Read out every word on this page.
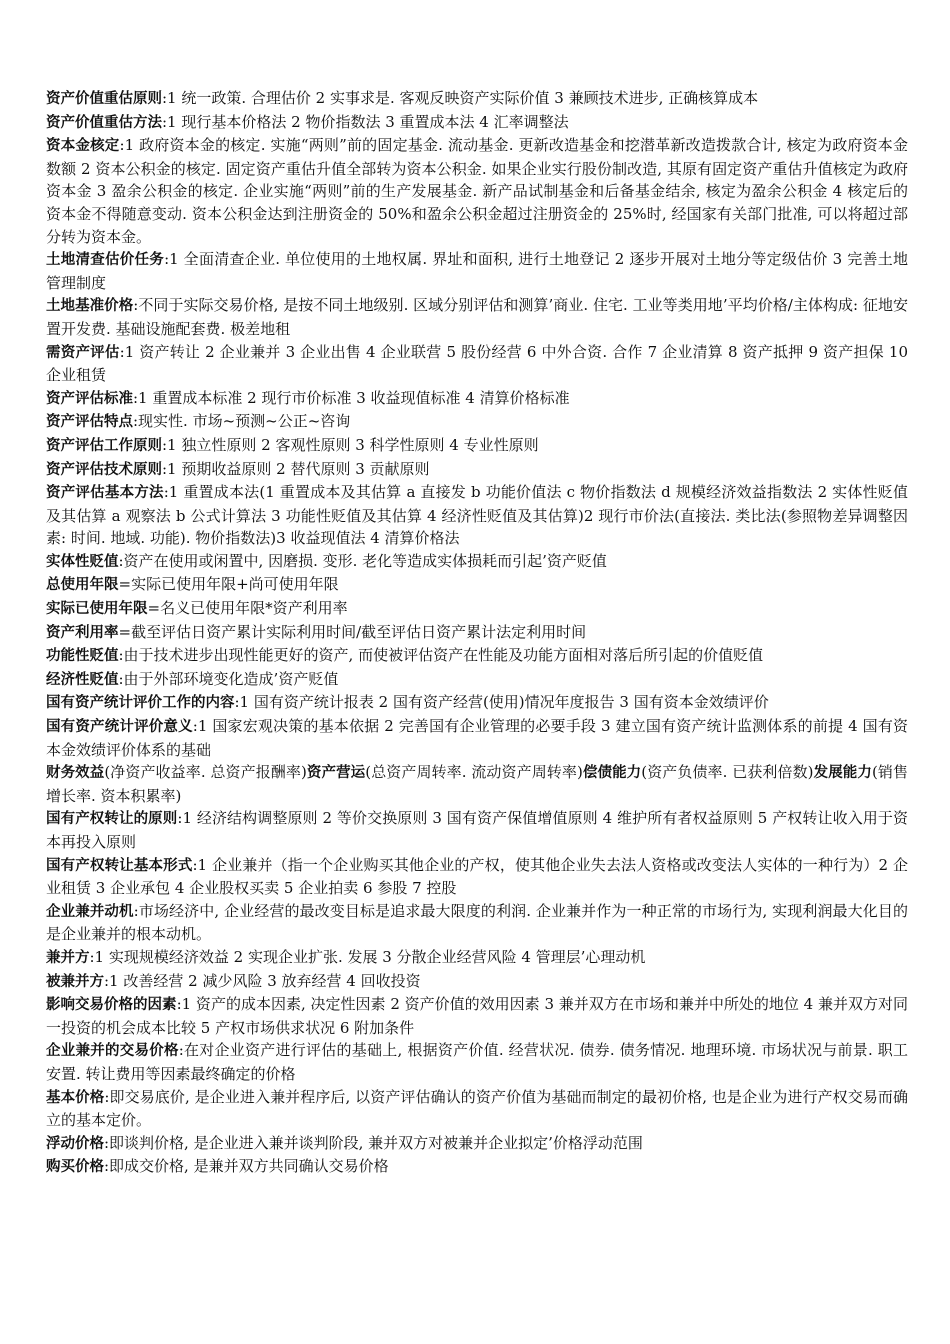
资产价值重估原则:1 统一政策. 合理估价 2 实事求是. 客观反映资产实际价值 3 兼顾技术进步, 正确核算成本

资产价值重估方法:1 现行基本价格法 2 物价指数法 3 重置成本法 4 汇率调整法

资本金核定:1 政府资本金的核定. 实施“两则”前的固定基金. 流动基金. 更新改造基金和挖潜革新改造拨款合计, 核定为政府资本金数额 2 资本公积金的核定. 固定资产重估升值全部转为资本公积金. 如果企业实行股份制改造, 其原有固定资产重估升值核定为政府资本金 3 盈余公积金的核定. 企业实施“两则”前的生产发展基金. 新产品试制基金和后备基金结余, 核定为盈余公积金 4 核定后的资本金不得随意变动. 资本公积金达到注册资金的 50%和盈余公积金超过注册资金的 25%时, 经国家有关部门批准, 可以将超过部分转为资本金。

土地清查估价任务:1 全面清查企业. 单位使用的土地权属. 界址和面积, 进行土地登记 2 逐步开展对土地分等定级估价 3 完善土地管理制度

土地基准价格:不同于实际交易价格, 是按不同土地级别. 区域分别评估和测算’商业. 住宅. 工业等类用地’平均价格/主体构成: 征地安置开发费. 基础设施配套费. 极差地租

需资产评估:1 资产转让 2 企业兼并 3 企业出售 4 企业联营 5 股份经营 6 中外合资. 合作 7 企业清算 8 资产抵押 9 资产担保 10 企业租赁

资产评估标准:1 重置成本标准 2 现行市价标准 3 收益现值标准 4 清算价格标准

资产评估特点:现实性. 市场~预测~公正~咨询

资产评估工作原则:1 独立性原则 2 客观性原则 3 科学性原则 4 专业性原则

资产评估技术原则:1 预期收益原则 2 替代原则 3 贡献原则

资产评估基本方法:1 重置成本法(1 重置成本及其估算 a 直接发 b 功能价值法 c 物价指数法 d 规模经济效益指数法 2 实体性贬值及其估算 a 观察法 b 公式计算法 3 功能性贬值及其估算 4 经济性贬值及其估算)2 现行市价法(直接法. 类比法(参照物差异调整因素: 时间. 地域. 功能). 物价指数法)3 收益现值法 4 清算价格法

实体性贬值:资产在使用或闲置中, 因磨损. 变形. 老化等造成实体损耗而引起’资产贬值

总使用年限=实际已使用年限+尚可使用年限

实际已使用年限=名义已使用年限*资产利用率

资产利用率=截至评估日资产累计实际利用时间/截至评估日资产累计法定利用时间

功能性贬值:由于技术进步出现性能更好的资产, 而使被评估资产在性能及功能方面相对落后所引起的价值贬值

经济性贬值:由于外部环境变化造成’资产贬值

国有资产统计评价工作的内容:1 国有资产统计报表 2 国有资产经营(使用)情况年度报告 3 国有资本金效绩评价

国有资产统计评价意义:1 国家宏观决策的基本依据 2 完善国有企业管理的必要手段 3 建立国有资产统计监测体系的前提 4 国有资本金效绩评价体系的基础

财务效益(净资产收益率. 总资产报酬率)资产营运(总资产周转率. 流动资产周转率)偿债能力(资产负债率. 已获利倍数)发展能力(销售增长率. 资本积累率)

国有产权转让的原则:1 经济结构调整原则 2 等价交换原则 3 国有资产保值增值原则 4 维护所有者权益原则 5 产权转让收入用于资本再投入原则

国有产权转让基本形式:1 企业兼并（指一个企业购买其他企业的产权，使其他企业失去法人资格或改变法人实体的一种行为）2 企业租赁 3 企业承包 4 企业股权买卖 5 企业拍卖 6 参股 7 控股

企业兼并动机:市场经济中, 企业经营的最改变目标是追求最大限度的利润. 企业兼并作为一种正常的市场行为, 实现利润最大化目的是企业兼并的根本动机。

兼并方:1 实现规模经济效益 2 实现企业扩张. 发展 3 分散企业经营风险 4 管理层’心理动机

被兼并方:1 改善经营 2 减少风险 3 放弃经营 4 回收投资

影响交易价格的因素:1 资产的成本因素, 决定性因素 2 资产价值的效用因素 3 兼并双方在市场和兼并中所处的地位 4 兼并双方对同一投资的机会成本比较 5 产权市场供求状况 6 附加条件

企业兼并的交易价格:在对企业资产进行评估的基础上, 根据资产价值. 经营状况. 债券. 债务情况. 地理环境. 市场状况与前景. 职工安置. 转让费用等因素最终确定的价格

基本价格:即交易底价, 是企业进入兼并程序后, 以资产评估确认的资产价值为基础而制定的最初价格, 也是企业为进行产权交易而确立的基本定价。

浮动价格:即谈判价格, 是企业进入兼并谈判阶段, 兼并双方对被兼并企业拟定’价格浮动范围

购买价格:即成交价格, 是兼并双方共同确认交易价格
